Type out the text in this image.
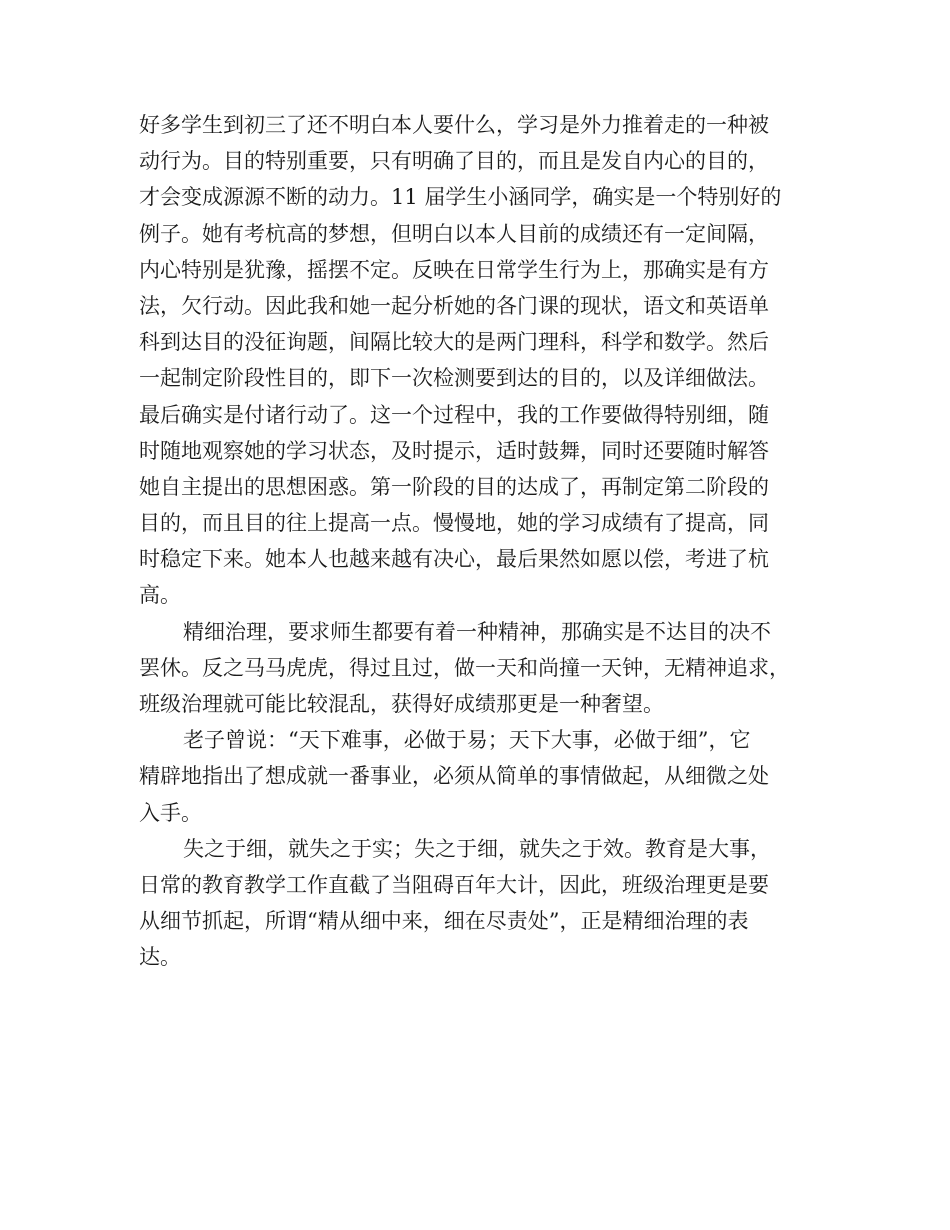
好多学生到初三了还不明白本人要什么，学习是外力推着走的一种被
动行为。目的特别重要，只有明确了目的，而且是发自内心的目的，
才会变成源源不断的动力。11 届学生小涵同学，确实是一个特别好的
例子。她有考杭高的梦想，但明白以本人目前的成绩还有一定间隔，
内心特别是犹豫，摇摆不定。反映在日常学生行为上，那确实是有方
法，欠行动。因此我和她一起分析她的各门课的现状，语文和英语单
科到达目的没征询题，间隔比较大的是两门理科，科学和数学。然后
一起制定阶段性目的，即下一次检测要到达的目的，以及详细做法。
最后确实是付诸行动了。这一个过程中，我的工作要做得特别细，随
时随地观察她的学习状态，及时提示，适时鼓舞，同时还要随时解答
她自主提出的思想困惑。第一阶段的目的达成了，再制定第二阶段的
目的，而且目的往上提高一点。慢慢地，她的学习成绩有了提高，同
时稳定下来。她本人也越来越有决心，最后果然如愿以偿，考进了杭
高。
精细治理，要求师生都要有着一种精神，那确实是不达目的决不
罢休。反之马马虎虎，得过且过，做一天和尚撞一天钟，无精神追求，
班级治理就可能比较混乱，获得好成绩那更是一种奢望。
老子曾说：“天下难事，必做于易；天下大事，必做于细”，它
精辟地指出了想成就一番事业，必须从简单的事情做起，从细微之处
入手。
失之于细，就失之于实；失之于细，就失之于效。教育是大事，
日常的教育教学工作直截了当阻碍百年大计，因此，班级治理更是要
从细节抓起，所谓“精从细中来，细在尽责处”，正是精细治理的表
达。
